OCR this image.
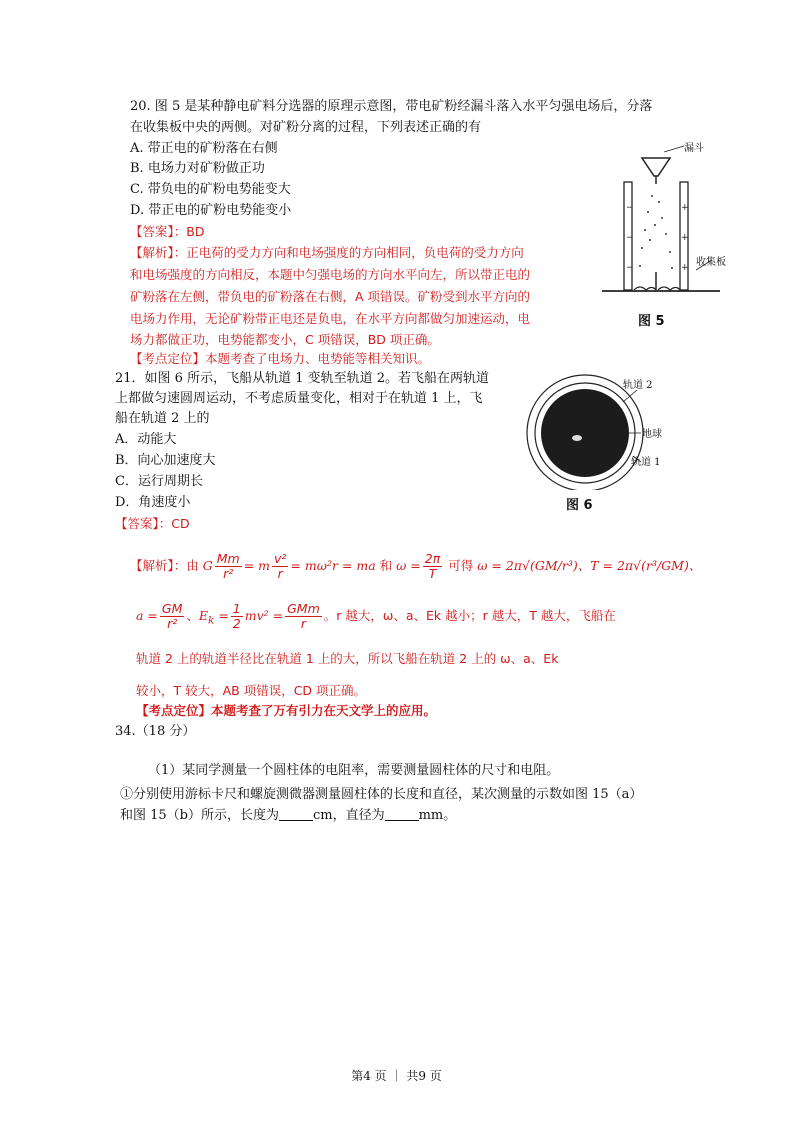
20. 图 5 是某种静电矿料分选器的原理示意图，带电矿粉经漏斗落入水平匀强电场后，分落
在收集板中央的两侧。对矿粉分离的过程，下列表述正确的有
A. 带正电的矿粉落在右侧
B. 电场力对矿粉做正功
C. 带负电的矿粉电势能变大
D. 带正电的矿粉电势能变小
【答案】：BD
【解析】：正电荷的受力方向和电场强度的方向相同，负电荷的受力方向
和电场强度的方向相反，本题中匀强电场的方向水平向左，所以带正电的
矿粉落在左侧，带负电的矿粉落在右侧，A 项错误。矿粉受到水平方向的
电场力作用，无论矿粉带正电还是负电，在水平方向都做匀加速运动，电
场力都做正功，电势能都变小，C 项错误，BD 项正确。
【考点定位】本题考查了电场力、电势能等相关知识。
−
−
−
+
+
+
漏斗
收集板
图 5
21．如图 6 所示，飞船从轨道 1 变轨至轨道 2。若飞船在两轨道
上都做匀速圆周运动，不考虑质量变化，相对于在轨道 1 上，飞
船在轨道 2 上的
A．动能大
B．向心加速度大
C．运行周期长
D．角速度小
【答案】：CD
轨道 2
地球
轨道 1
图 6
【解析】：由 G $\frac{Mm}{\text{r²}} = m \frac{\text{v²}}{r} = m\omega^2r$ = ma 和 $\omega = \frac{2\pi}{T}$ 可得 ω = 2π√(GM/r³)、T = 2π√(r³/GM)、
$a = \frac{GM}{\text{r²}}$ 、$E_k = \frac{1}{2} mv^2 = \frac{\text{GMm}}{r}$ 。r 越大，ω、a、Ek 越小；r 越大，T 越大，飞船在
轨道 2 上的轨道半径比在轨道 1 上的大，所以飞船在轨道 2 上的 ω、a、Ek
较小，T 较大，AB 项错误，CD 项正确。
【考点定位】本题考查了万有引力在天文学上的应用。
34.（18 分）
（1）某同学测量一个圆柱体的电阻率，需要测量圆柱体的尺寸和电阻。
①分别使用游标卡尺和螺旋测微器测量圆柱体的长度和直径，某次测量的示数如图 15（a）
和图 15（b）所示，长度为	cm，直径为	mm。
第4 页 ｜ 共9 页
